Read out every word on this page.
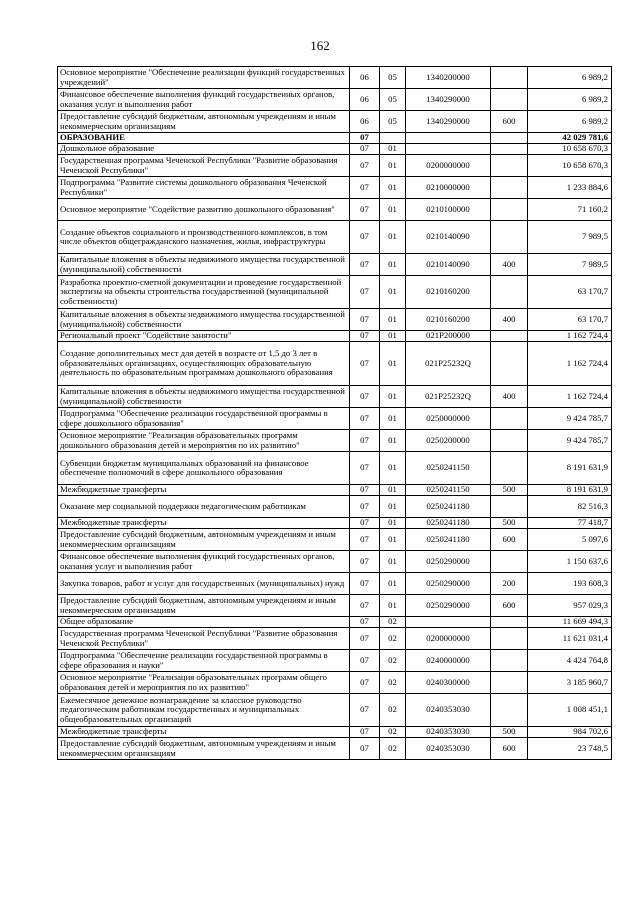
162
Основное мероприятие "Обеспечение реализации функций государственных учреждений"	06	05	1340200000		6 989,2
Финансовое обеспечение выполнения функций государственных органов, оказания услуг и выполнения работ	06	05	1340290000		6 989,2
Предоставление субсидий бюджетным, автономным учреждениям и иным некоммерческим организациям	06	05	1340290000	600	6 989,2
ОБРАЗОВАНИЕ	07				42 029 781,6
Дошкольное образование	07	01			10 658 670,3
Государственная программа Чеченской Республики "Развитие образования Чеченской Республики"	07	01	0200000000		10 658 670,3
Подпрограмма "Развитие системы дошкольного образования Чеченской Республики"	07	01	0210000000		1 233 884,6
Основное мероприятие "Содействие развитию дошкольного образования"	07	01	0210100000		71 160,2
Создание объектов социального и производственного комплексов, в том числе объектов общегражданского назначения, жилья, инфраструктуры	07	01	0210140090		7 989,5
Капитальные вложения в объекты недвижимого имущества государственной (муниципальной) собственности	07	01	0210140090	400	7 989,5
Разработка проектно-сметной документации и проведение государственной экспертизы на объекты строительства государственной (муниципальной собственности)	07	01	0210160200		63 170,7
Капитальные вложения в объекты недвижимого имущества государственной (муниципальной) собственности	07	01	0210160200	400	63 170,7
Региональный проект "Содействие занятости"	07	01	021P200000		1 162 724,4
Создание дополнительных мест для детей в возрасте от 1,5 до 3 лет в образовательных организациях, осуществляющих образовательную деятельность по образовательным программам дошкольного образования	07	01	021P25232Q		1 162 724,4
Капитальные вложения в объекты недвижимого имущества государственной (муниципальной) собственности	07	01	021P25232Q	400	1 162 724,4
Подпрограмма "Обеспечение реализации государственной программы в сфере дошкольного образования"	07	01	0250000000		9 424 785,7
Основное мероприятие "Реализация образовательных программ дошкольного образования детей и мероприятия по их развитию"	07	01	0250200000		9 424 785,7
Субвенции бюджетам муниципальных образований на финансовое обеспечение полномочий в сфере дошкольного образования	07	01	0250241150		8 191 631,9
Межбюджетные трансферты	07	01	0250241150	500	8 191 631,9
Оказание мер социальной поддержки педагогическим работникам	07	01	0250241180		82 516,3
Межбюджетные трансферты	07	01	0250241180	500	77 418,7
Предоставление субсидий бюджетным, автономным учреждениям и иным некоммерческим организациям	07	01	0250241180	600	5 097,6
Финансовое обеспечение выполнения функций государственных органов, оказания услуг и выполнения работ	07	01	0250290000		1 150 637,6
Закупка товаров, работ и услуг для государственных (муниципальных) нужд	07	01	0250290000	200	193 608,3
Предоставление субсидий бюджетным, автономным учреждениям и иным некоммерческим организациям	07	01	0250290000	600	957 029,3
Общее образование	07	02			11 669 494,3
Государственная программа Чеченской Республики "Развитие образования Чеченской Республики"	07	02	0200000000		11 621 031,4
Подпрограмма "Обеспечение реализации государственной программы в сфере образования и науки"	07	02	0240000000		4 424 764,8
Основное мероприятие "Реализация образовательных программ общего образования детей и мероприятия по их развитию"	07	02	0240300000		3 185 960,7
Ежемесячное денежное вознаграждение за классное руководство педагогическим работникам государственных и муниципальных общеобразовательных организаций	07	02	0240353030		1 008 451,1
Межбюджетные трансферты	07	02	0240353030	500	984 702,6
Предоставление субсидий бюджетным, автономным учреждениям и иным некоммерческим организациям	07	02	0240353030	600	23 748,5
